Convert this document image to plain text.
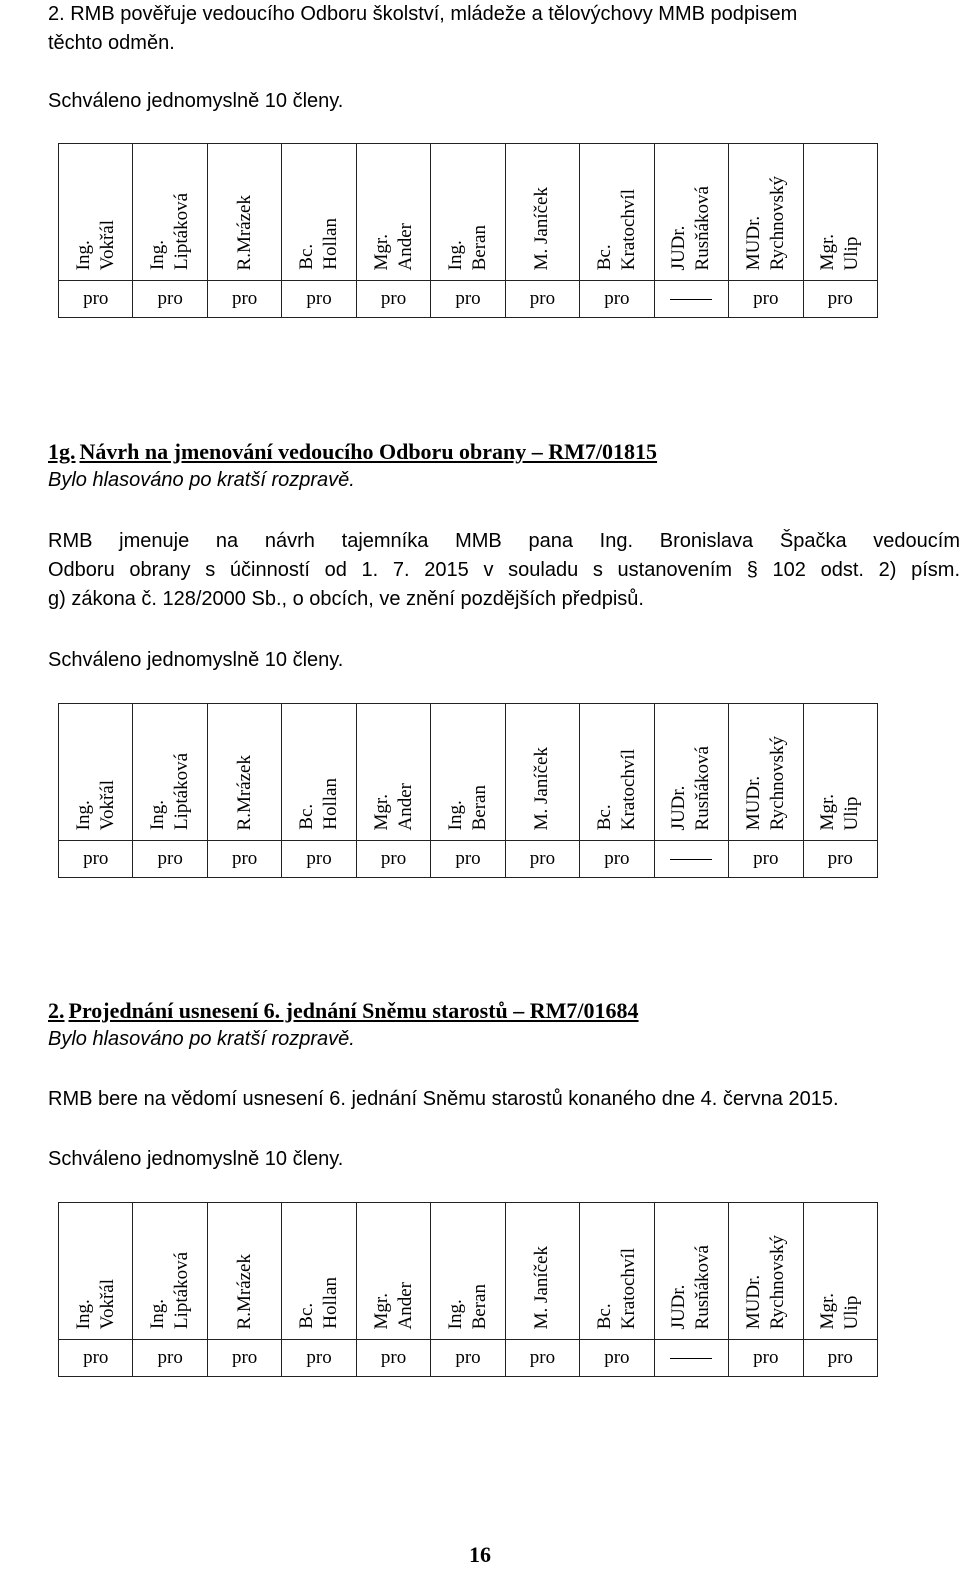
2. RMB pověřuje vedoucího Odboru školství, mládeže a tělovýchovy MMB podpisem
těchto odměn.
Schváleno jednomyslně 10 členy.
Ing. Vokřál	Ing. Liptáková	R.Mrázek	Bc. Hollan	Mgr. Ander	Ing. Beran	M. Janíček	Bc. Kratochvíl	JUDr. Rusňáková	MUDr. Rychnovský	Mgr. Ulip

pro	pro	pro	pro	pro	pro	pro	pro		pro	pro
1g. Návrh na jmenování vedoucího Odboru obrany – RM7/01815
Bylo hlasováno po kratší rozpravě.
RMB jmenuje na návrh tajemníka MMB pana Ing. Bronislava Špačka vedoucím
Odboru obrany s účinností od 1. 7. 2015 v souladu s ustanovením § 102 odst. 2) písm.
g) zákona č. 128/2000 Sb., o obcích, ve znění pozdějších předpisů.
Schváleno jednomyslně 10 členy.
Ing. Vokřál	Ing. Liptáková	R.Mrázek	Bc. Hollan	Mgr. Ander	Ing. Beran	M. Janíček	Bc. Kratochvíl	JUDr. Rusňáková	MUDr. Rychnovský	Mgr. Ulip

pro	pro	pro	pro	pro	pro	pro	pro		pro	pro
2. Projednání usnesení 6. jednání Sněmu starostů – RM7/01684
Bylo hlasováno po kratší rozpravě.
RMB bere na vědomí usnesení 6. jednání Sněmu starostů konaného dne 4. června 2015.
Schváleno jednomyslně 10 členy.
Ing. Vokřál	Ing. Liptáková	R.Mrázek	Bc. Hollan	Mgr. Ander	Ing. Beran	M. Janíček	Bc. Kratochvíl	JUDr. Rusňáková	MUDr. Rychnovský	Mgr. Ulip

pro	pro	pro	pro	pro	pro	pro	pro		pro	pro
16
